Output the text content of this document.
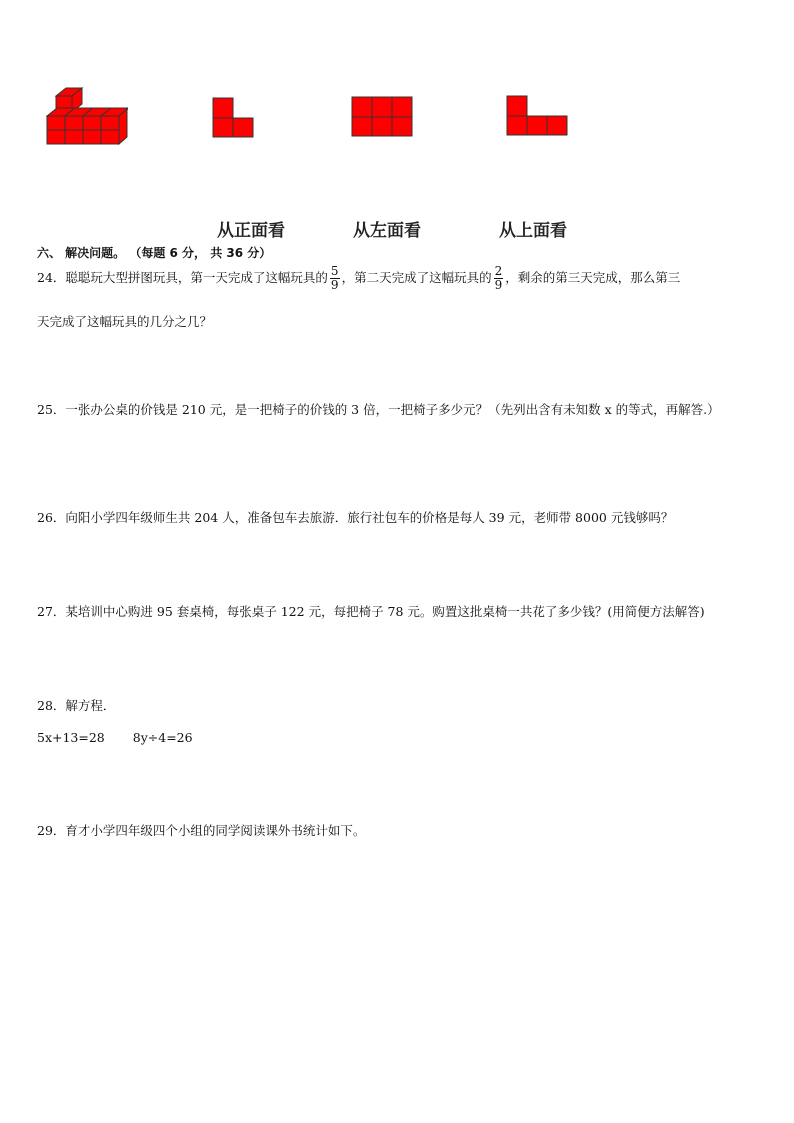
从正面看	从左面看	从上面看
六、 解决问题。 （每题 6 分， 共 36 分）
24．聪聪玩大型拼图玩具，第一天完成了这幅玩具的 $\frac{5}{9}$ ，第二天完成了这幅玩具的 $\frac{2}{9}$ ，剩余的第三天完成，那么第三
天完成了这幅玩具的几分之几？
25．一张办公桌的价钱是 210 元，是一把椅子的价钱的 3 倍，一把椅子多少元？（先列出含有未知数 x 的等式，再解答.）
26．向阳小学四年级师生共 204 人，准备包车去旅游．旅行社包车的价格是每人 39 元，老师带 8000 元钱够吗？
27．某培训中心购进 95 套桌椅，每张桌子 122 元，每把椅子 78 元。购置这批桌椅一共花了多少钱？(用简便方法解答)
28．解方程．
5x+13=28 8y÷4=26
29．育才小学四年级四个小组的同学阅读课外书统计如下。
